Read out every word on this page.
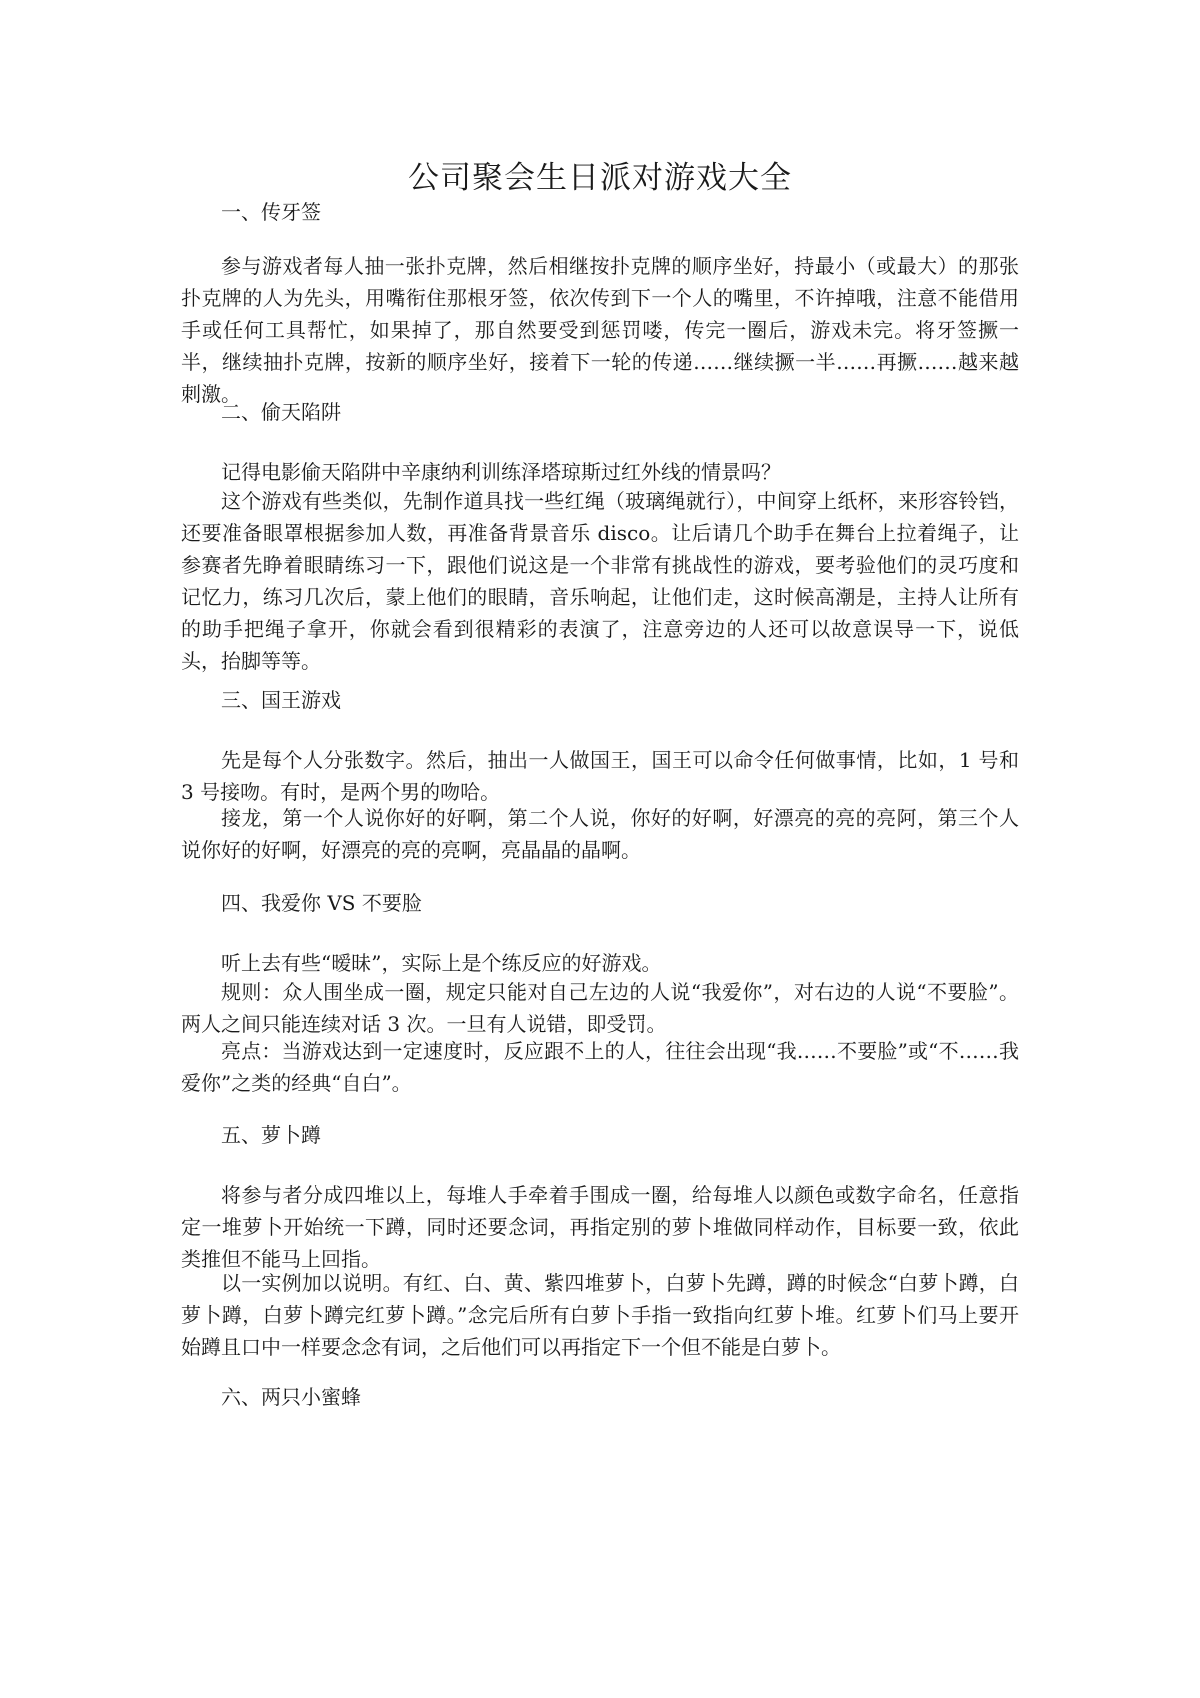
公司聚会生日派对游戏大全
一、传牙签

参与游戏者每人抽一张扑克牌，然后相继按扑克牌的顺序坐好，持最小（或最大）的那张扑克牌的人为先头，用嘴衔住那根牙签，依次传到下一个人的嘴里，不许掉哦，注意不能借用手或任何工具帮忙，如果掉了，那自然要受到惩罚喽，传完一圈后，游戏未完。将牙签撅一半，继续抽扑克牌，按新的顺序坐好，接着下一轮的传递……继续撅一半……再撅……越来越刺激。

二、偷天陷阱

记得电影偷天陷阱中辛康纳利训练泽塔琼斯过红外线的情景吗？

这个游戏有些类似，先制作道具找一些红绳（玻璃绳就行），中间穿上纸杯，来形容铃铛，还要准备眼罩根据参加人数，再准备背景音乐 disco。让后请几个助手在舞台上拉着绳子，让参赛者先睁着眼睛练习一下，跟他们说这是一个非常有挑战性的游戏，要考验他们的灵巧度和记忆力，练习几次后，蒙上他们的眼睛，音乐响起，让他们走，这时候高潮是，主持人让所有的助手把绳子拿开，你就会看到很精彩的表演了，注意旁边的人还可以故意误导一下，说低头，抬脚等等。

三、国王游戏

先是每个人分张数字。然后，抽出一人做国王，国王可以命令任何做事情，比如，1 号和 3 号接吻。有时，是两个男的吻哈。

接龙，第一个人说你好的好啊，第二个人说，你好的好啊，好漂亮的亮的亮阿，第三个人说你好的好啊，好漂亮的亮的亮啊，亮晶晶的晶啊。

四、我爱你 VS 不要脸

听上去有些“暧昧”，实际上是个练反应的好游戏。

规则：众人围坐成一圈，规定只能对自己左边的人说“我爱你”，对右边的人说“不要脸”。两人之间只能连续对话 3 次。一旦有人说错，即受罚。

亮点：当游戏达到一定速度时，反应跟不上的人，往往会出现“我……不要脸”或“不……我爱你”之类的经典“自白”。

五、萝卜蹲

将参与者分成四堆以上，每堆人手牵着手围成一圈，给每堆人以颜色或数字命名，任意指定一堆萝卜开始统一下蹲，同时还要念词，再指定别的萝卜堆做同样动作，目标要一致，依此类推但不能马上回指。

以一实例加以说明。有红、白、黄、紫四堆萝卜，白萝卜先蹲，蹲的时候念“白萝卜蹲，白萝卜蹲，白萝卜蹲完红萝卜蹲。”念完后所有白萝卜手指一致指向红萝卜堆。红萝卜们马上要开始蹲且口中一样要念念有词，之后他们可以再指定下一个但不能是白萝卜。

六、两只小蜜蜂
